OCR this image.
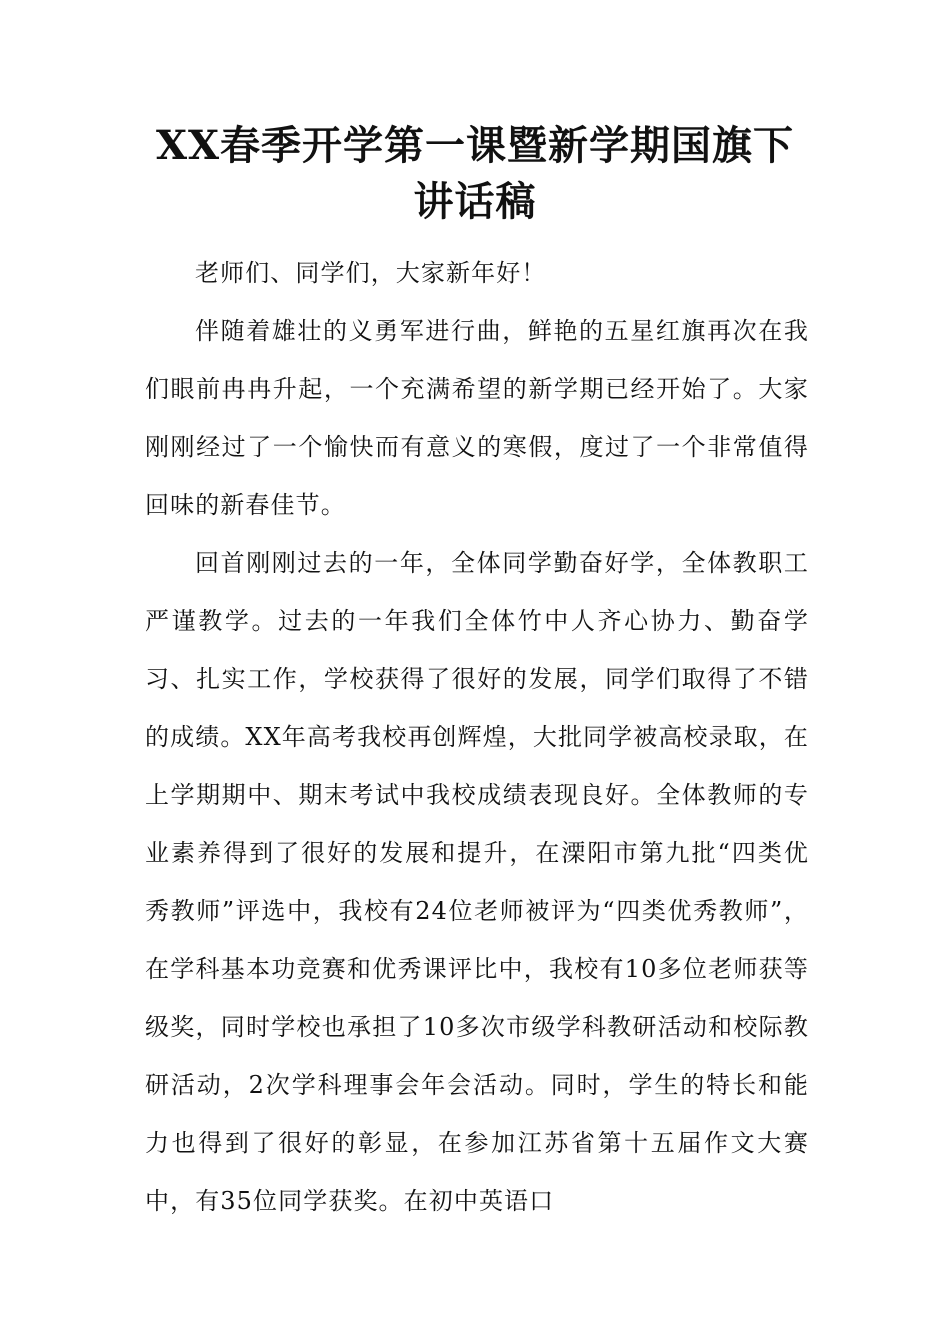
XX春季开学第一课暨新学期国旗下讲话稿

老师们、同学们，大家新年好！

伴随着雄壮的义勇军进行曲，鲜艳的五星红旗再次在我们眼前冉冉升起，一个充满希望的新学期已经开始了。大家刚刚经过了一个愉快而有意义的寒假，度过了一个非常值得回味的新春佳节。

回首刚刚过去的一年，全体同学勤奋好学，全体教职工严谨教学。过去的一年我们全体竹中人齐心协力、勤奋学习、扎实工作，学校获得了很好的发展，同学们取得了不错的成绩。XX年高考我校再创辉煌，大批同学被高校录取，在上学期期中、期末考试中我校成绩表现良好。全体教师的专业素养得到了很好的发展和提升，在溧阳市第九批“四类优秀教师”评选中，我校有24位老师被评为“四类优秀教师”，在学科基本功竞赛和优秀课评比中，我校有10多位老师获等级奖，同时学校也承担了10多次市级学科教研活动和校际教研活动，2次学科理事会年会活动。同时，学生的特长和能力也得到了很好的彰显，在参加江苏省第十五届作文大赛中，有35位同学获奖。在初中英语口
